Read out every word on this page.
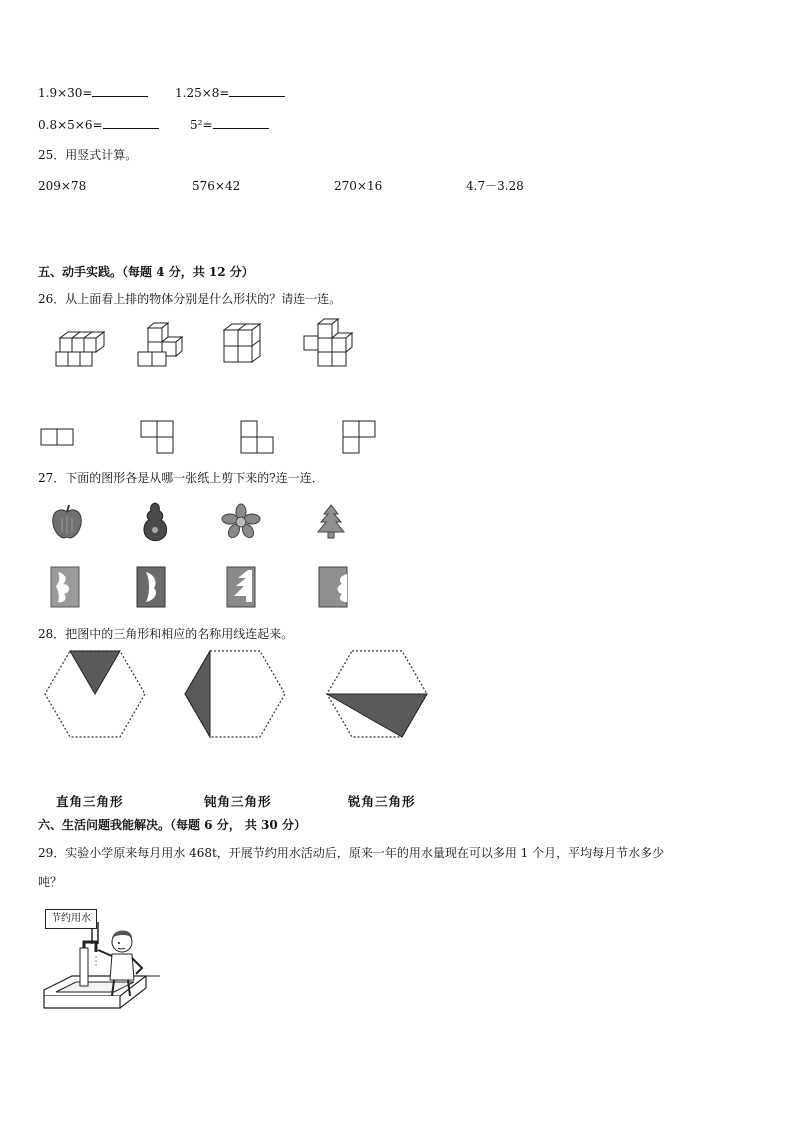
1.9×30=	1.25×8=
0.8×5×6=	5²=
25．用竖式计算。
209×78	576×42	270×16	4.7－3.28
五、动手实践。（每题 4 分，共 12 分）
26．从上面看上排的物体分别是什么形状的？请连一连。
27．下面的图形各是从哪一张纸上剪下来的?连一连．
28．把图中的三角形和相应的名称用线连起来。
直角三角形	钝角三角形	锐角三角形
六、生活问题我能解决。（每题 6 分， 共 30 分）
29．实验小学原来每月用水 468t，开展节约用水活动后，原来一年的用水量现在可以多用 1 个月，平均每月节水多少
吨？
节约用水
